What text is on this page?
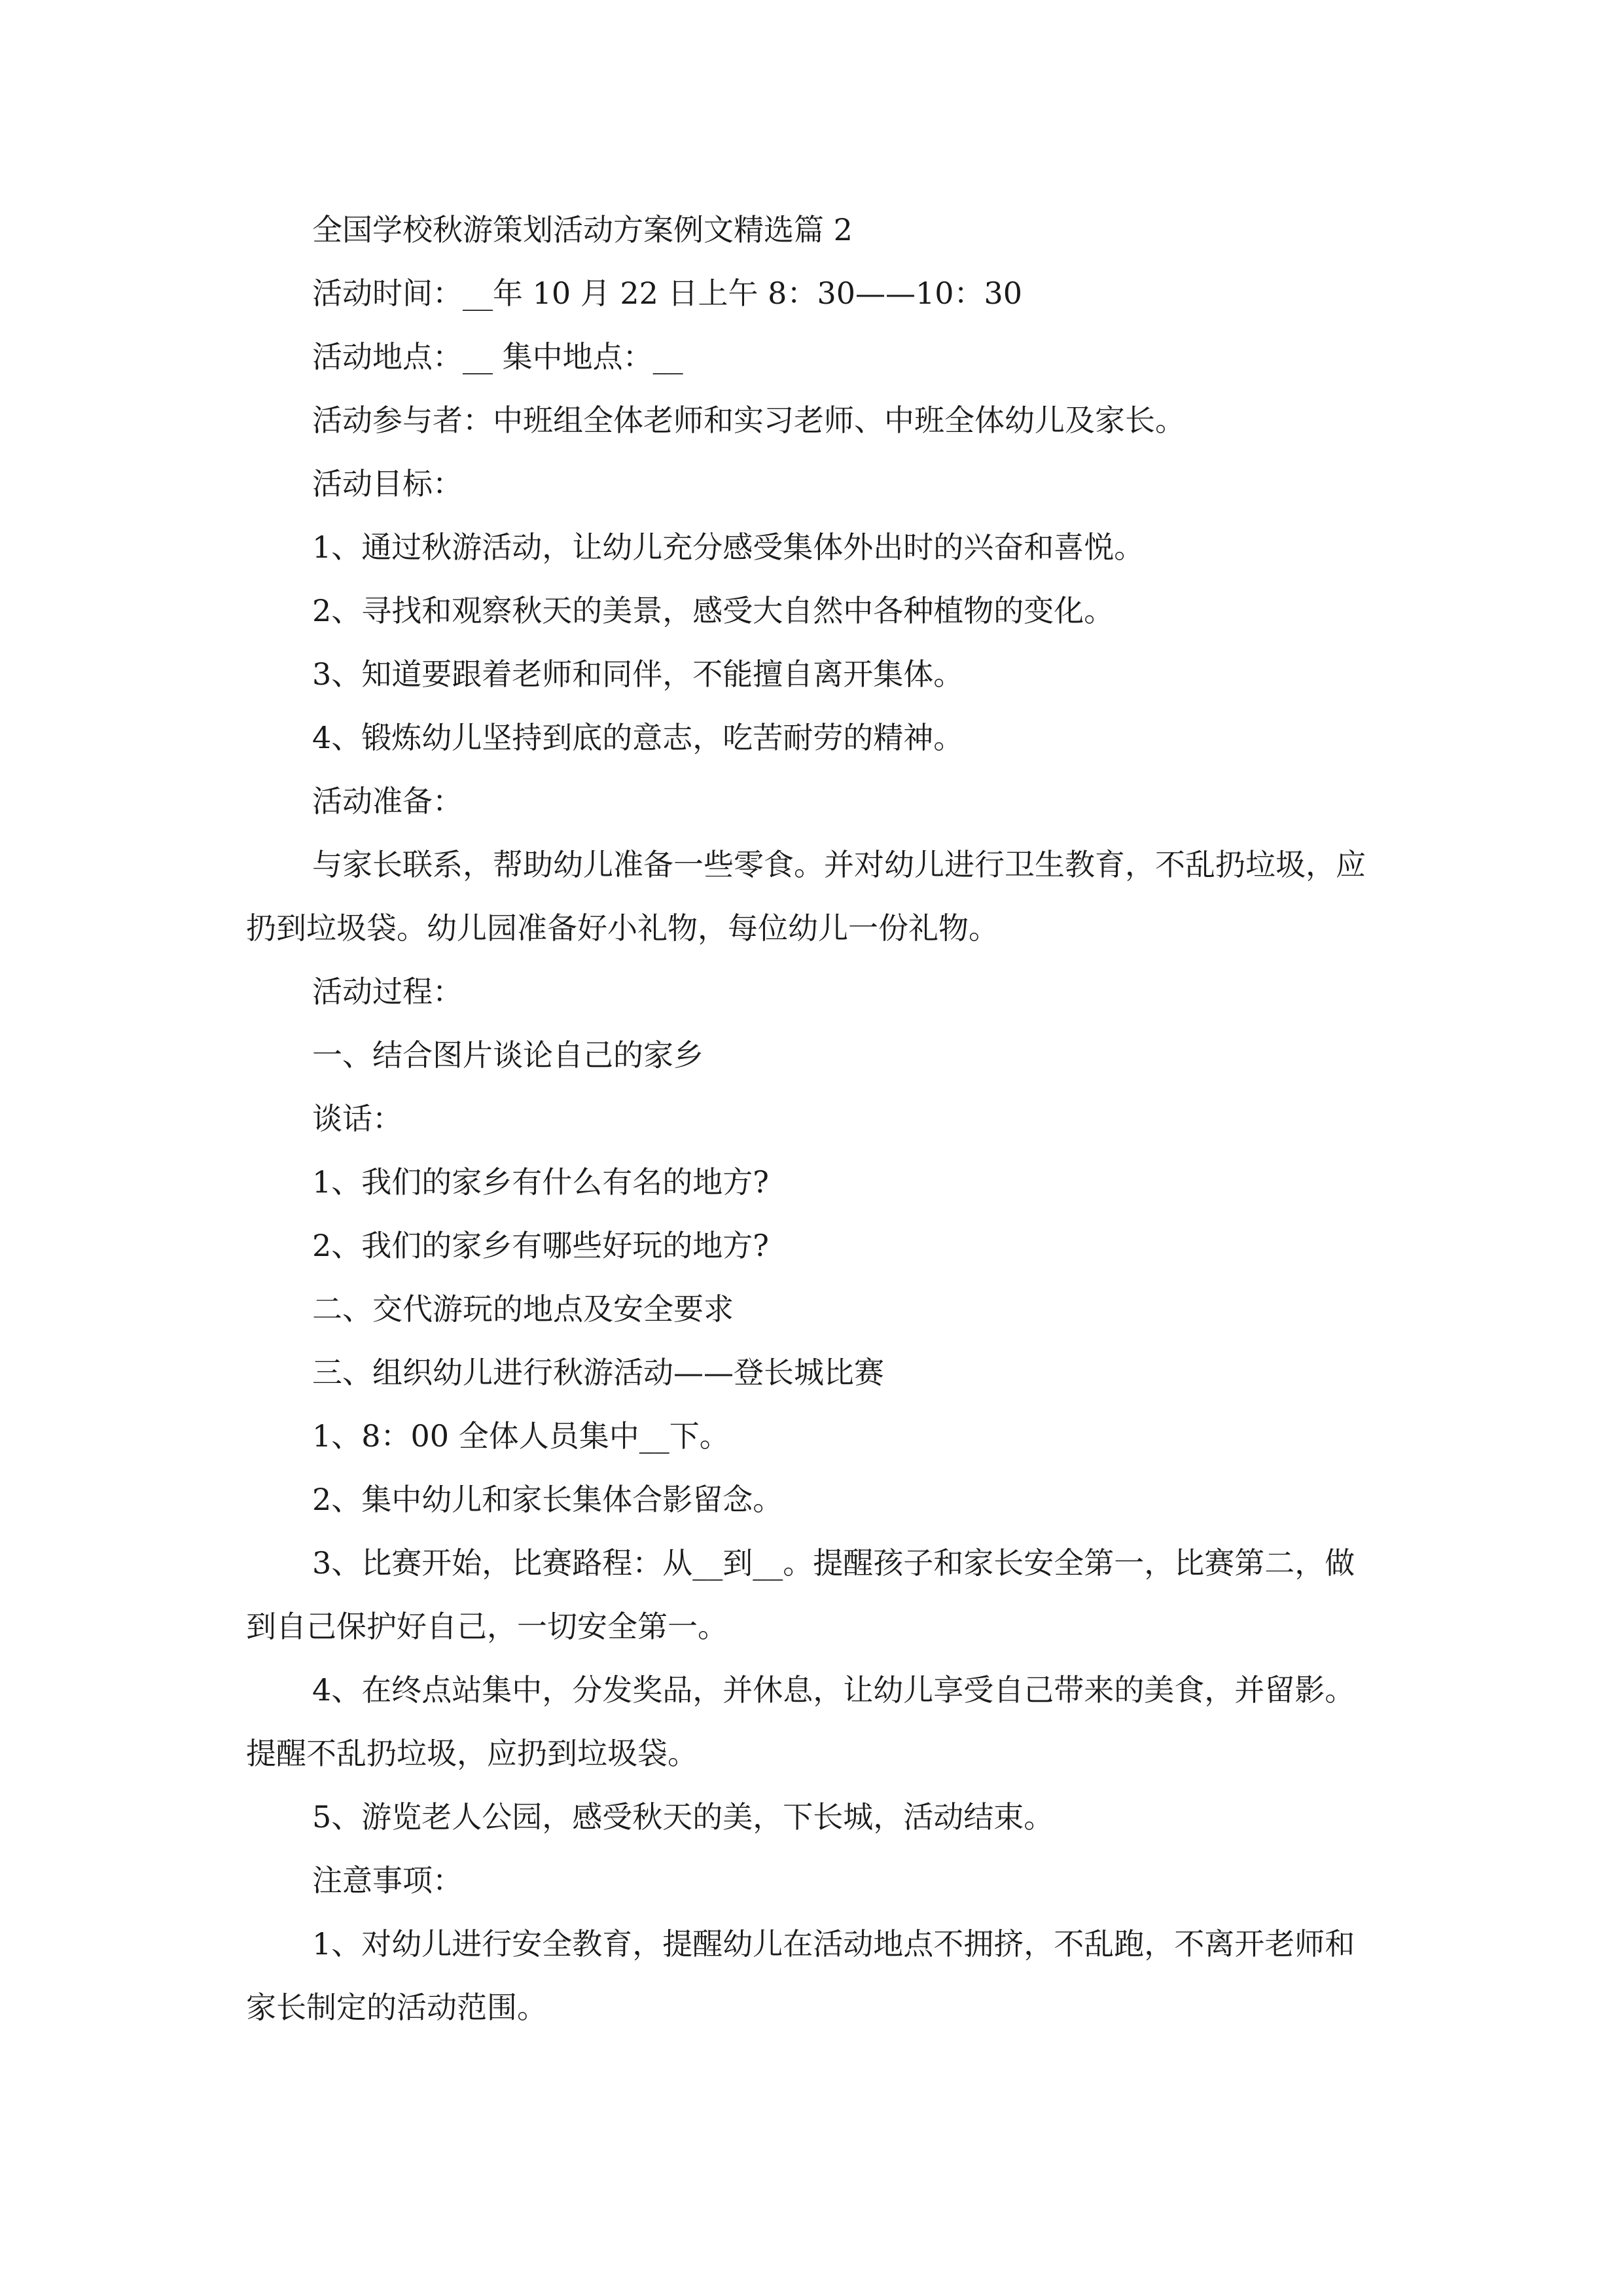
全国学校秋游策划活动方案例文精选篇 2

活动时间：__年 10 月 22 日上午 8：30——10：30

活动地点：__ 集中地点：__

活动参与者：中班组全体老师和实习老师、中班全体幼儿及家长。

活动目标：

1、通过秋游活动，让幼儿充分感受集体外出时的兴奋和喜悦。

2、寻找和观察秋天的美景，感受大自然中各种植物的变化。

3、知道要跟着老师和同伴，不能擅自离开集体。

4、锻炼幼儿坚持到底的意志，吃苦耐劳的精神。

活动准备：

与家长联系，帮助幼儿准备一些零食。并对幼儿进行卫生教育，不乱扔垃圾，应扔到垃圾袋。幼儿园准备好小礼物，每位幼儿一份礼物。

活动过程：

一、结合图片谈论自己的家乡

谈话：

1、我们的家乡有什么有名的地方?

2、我们的家乡有哪些好玩的地方?

二、交代游玩的地点及安全要求

三、组织幼儿进行秋游活动——登长城比赛

1、8：00 全体人员集中__下。

2、集中幼儿和家长集体合影留念。

3、比赛开始，比赛路程：从__到__。提醒孩子和家长安全第一，比赛第二，做到自己保护好自己，一切安全第一。

4、在终点站集中，分发奖品，并休息，让幼儿享受自己带来的美食，并留影。提醒不乱扔垃圾，应扔到垃圾袋。

5、游览老人公园，感受秋天的美，下长城，活动结束。

注意事项：

1、对幼儿进行安全教育，提醒幼儿在活动地点不拥挤，不乱跑，不离开老师和家长制定的活动范围。
